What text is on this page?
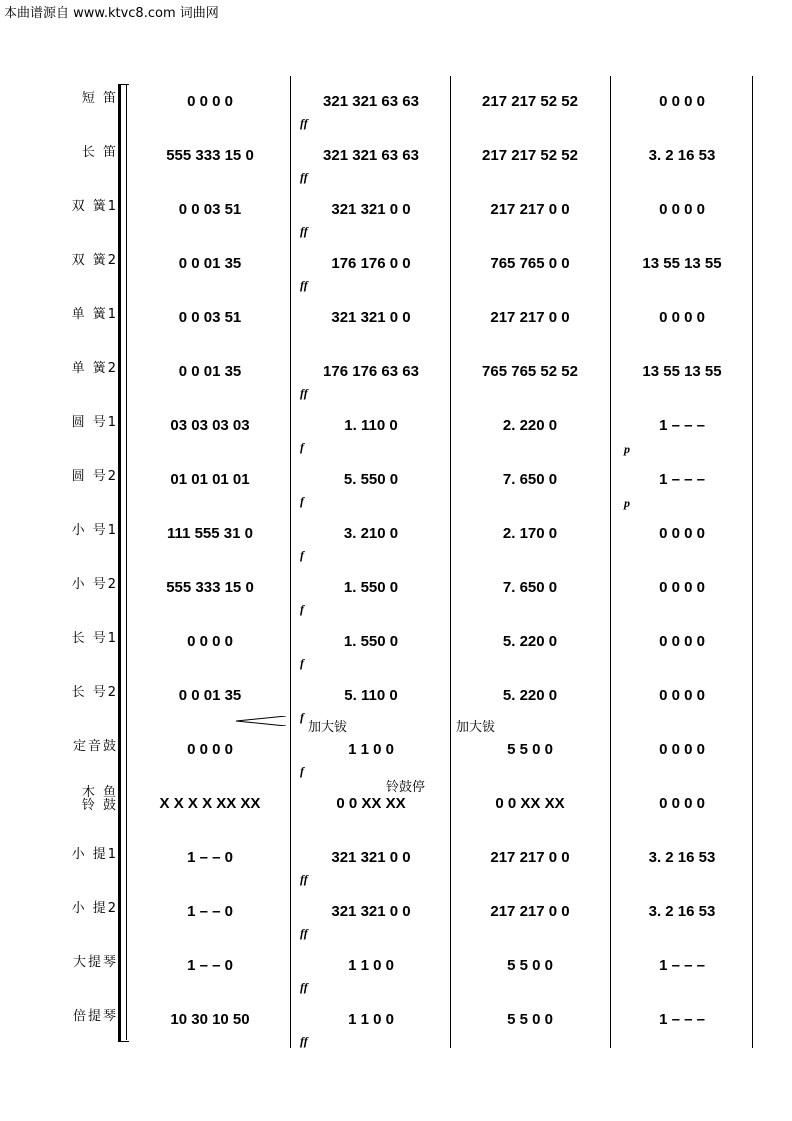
本曲谱源自 www.ktvc8.com 词曲网
短 笛	0 0 0 0	321 321 63 63	217 217 52 52	0 0 0 0
ff
长 笛	555 333 15 0	321 321 63 63	217 217 52 52	3. 2 16 53
ff
双 簧1	0 0 03 51	321 321 0 0	217 217 0 0	0 0 0 0
ff
双 簧2	0 0 01 35	176 176 0 0	765 765 0 0	13 55 13 55
ff
单 簧1	0 0 03 51	321 321 0 0	217 217 0 0	0 0 0 0
单 簧2	0 0 01 35	176 176 63 63	765 765 52 52	13 55 13 55
ff
圆 号1	03 03 03 03	1. 110 0	2. 220 0	1 – – –
f
圆 号2	01 01 01 01	5. 550 0	7. 650 0	1 – – –
f
小 号1	111 555 31 0	3. 210 0	2. 170 0	0 0 0 0
f
小 号2	555 333 15 0	1. 550 0	7. 650 0	0 0 0 0
f
长 号1	0 0 0 0	1. 550 0	5. 220 0	0 0 0 0
f
长 号2	0 0 01 35	5. 110 0	5. 220 0	0 0 0 0
f
定音鼓	0 0 0 0	1 1 0 0	5 5 0 0	0 0 0 0
f
木 鱼
铃 鼓	X X X X XX XX	0 0 XX XX	0 0 XX XX	0 0 0 0
小 提1	1 – – 0	321 321 0 0	217 217 0 0	3. 2 16 53
ff
小 提2	1 – – 0	321 321 0 0	217 217 0 0	3. 2 16 53
ff
大提琴	1 – – 0	1 1 0 0	5 5 0 0	1 – – –
ff
倍提琴	10 30 10 50	1 1 0 0	5 5 0 0	1 – – –
ff
加大钹	加大钹
铃鼓停
p
p
